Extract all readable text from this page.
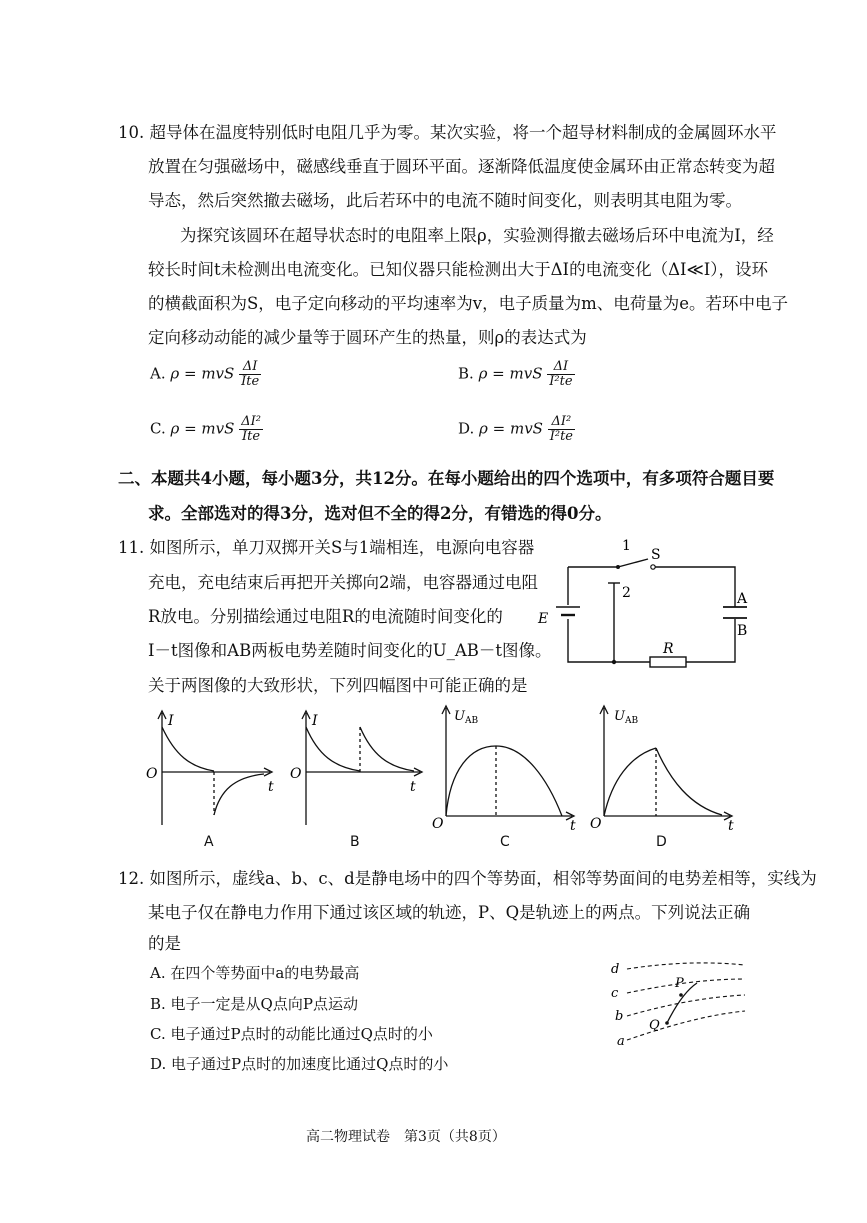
10. 超导体在温度特别低时电阻几乎为零。某次实验，将一个超导材料制成的金属圆环水平
放置在匀强磁场中，磁感线垂直于圆环平面。逐渐降低温度使金属环由正常态转变为超
导态，然后突然撤去磁场，此后若环中的电流不随时间变化，则表明其电阻为零。
为探究该圆环在超导状态时的电阻率上限ρ，实验测得撤去磁场后环中电流为I，经
较长时间t未检测出电流变化。已知仪器只能检测出大于ΔI的电流变化（ΔI≪I），设环
的横截面积为S，电子定向移动的平均速率为v，电子质量为m、电荷量为e。若环中电子
定向移动动能的减少量等于圆环产生的热量，则ρ的表达式为
A. ρ = mvS $\frac{\Delta I}{\text{Ite}}$	B. ρ = mvS $\frac{\Delta I}{\text{I²te}}$
C. ρ = mvS $\frac{\text{ΔI²}}{\text{Ite}}$	D. ρ = mvS $\frac{\text{ΔI²}}{\text{I²te}}$
二、本题共4小题，每小题3分，共12分。在每小题给出的四个选项中，有多项符合题目要
求。全部选对的得3分，选对但不全的得2分，有错选的得0分。
11. 如图所示，单刀双掷开关S与1端相连，电源向电容器
充电，充电结束后再把开关掷向2端，电容器通过电阻
R放电。分别描绘通过电阻R的电流随时间变化的
I－t图像和AB两板电势差随时间变化的U_AB－t图像。
关于两图像的大致形状，下列四幅图中可能正确的是
1
S
2
E
A
B
R
I
O
t
A
I
O
t
B
$U_{AB}$
O	t
C
$U_{AB}$
O	t
D
12. 如图所示，虚线a、b、c、d是静电场中的四个等势面，相邻等势面间的电势差相等，实线为
某电子仅在静电力作用下通过该区域的轨迹，P、Q是轨迹上的两点。下列说法正确
的是
A. 在四个等势面中a的电势最高
B. 电子一定是从Q点向P点运动
C. 电子通过P点时的动能比通过Q点时的小
D. 电子通过P点时的加速度比通过Q点时的小
d
c
b
a
P
Q
高二物理试卷　第3页（共8页）
